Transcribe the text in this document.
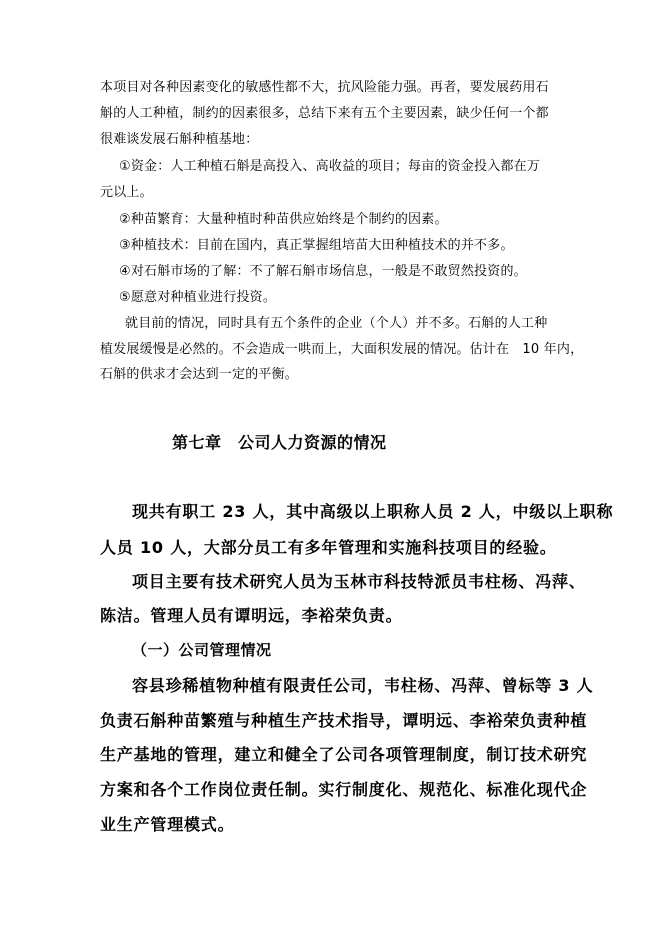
本项目对各种因素变化的敏感性都不大，抗风险能力强。再者，要发展药用石
斛的人工种植，制约的因素很多，总结下来有五个主要因素，缺少任何一个都
很难谈发展石斛种植基地：
①资金：人工种植石斛是高投入、高收益的项目；每亩的资金投入都在万
元以上。
②种苗繁育：大量种植时种苗供应始终是个制约的因素。
③种植技术：目前在国内，真正掌握组培苗大田种植技术的并不多。
④对石斛市场的了解：不了解石斛市场信息，一般是不敢贸然投资的。
⑤愿意对种植业进行投资。
就目前的情况，同时具有五个条件的企业（个人）并不多。石斛的人工种
植发展缓慢是必然的。不会造成一哄而上，大面积发展的情况。估计在　10 年内，
石斛的供求才会达到一定的平衡。
第七章　公司人力资源的情况
现共有职工 23 人，其中高级以上职称人员 2 人，中级以上职称
人员 10 人，大部分员工有多年管理和实施科技项目的经验。
项目主要有技术研究人员为玉林市科技特派员韦柱杨、冯萍、
陈洁。管理人员有谭明远，李裕荣负责。
（一）公司管理情况
容县珍稀植物种植有限责任公司，韦柱杨、冯萍、曾标等 3 人
负责石斛种苗繁殖与种植生产技术指导，谭明远、李裕荣负责种植
生产基地的管理，建立和健全了公司各项管理制度，制订技术研究
方案和各个工作岗位责任制。实行制度化、规范化、标准化现代企
业生产管理模式。
